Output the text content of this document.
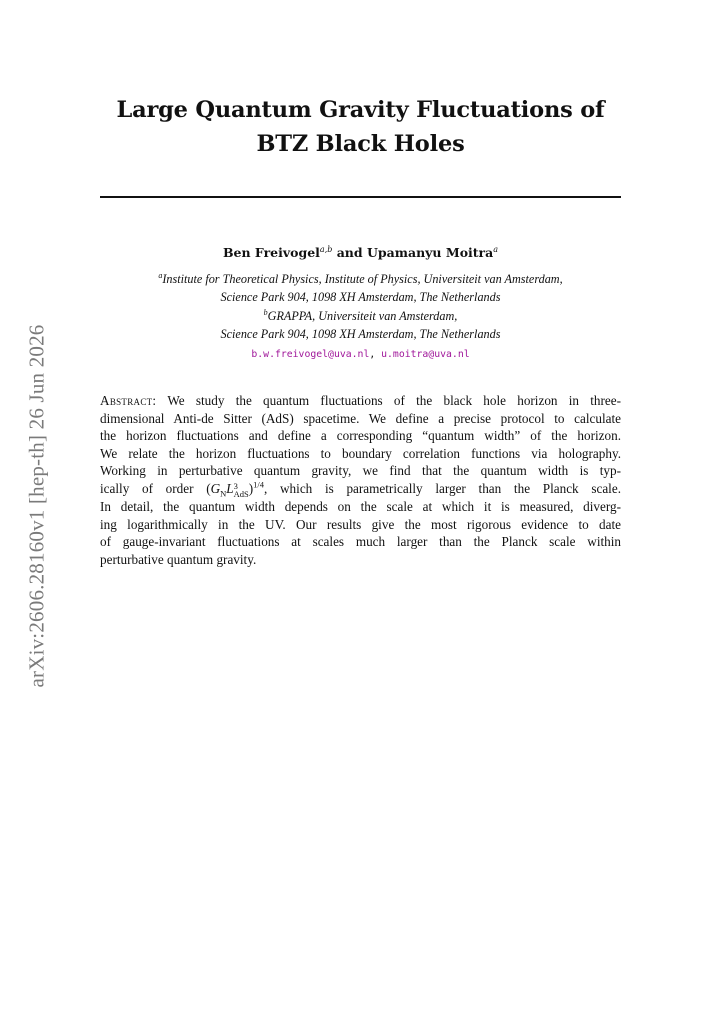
arXiv:2606.28160v1 [hep-th] 26 Jun 2026
Large Quantum Gravity Fluctuations of
BTZ Black Holes
Ben Freivogel$^{a,b}$ and Upamanyu Moitra$^a$
$^a$Institute for Theoretical Physics, Institute of Physics, Universiteit van Amsterdam,
Science Park 904, 1098 XH Amsterdam, The Netherlands
$^b$GRAPPA, Universiteit van Amsterdam,
Science Park 904, 1098 XH Amsterdam, The Netherlands
b.w.freivogel@uva.nl, u.moitra@uva.nl
Abstract: We study the quantum fluctuations of the black hole horizon in three-
dimensional Anti-de Sitter (AdS) spacetime. We define a precise protocol to calculate
the horizon fluctuations and define a corresponding “quantum width” of the horizon.
We relate the horizon fluctuations to boundary correlation functions via holography.
Working in perturbative quantum gravity, we find that the quantum width is typ-
ically of order ($G_NL$ 3
AdS )$^{1/4}$, which is parametrically larger than the Planck scale.
In detail, the quantum width depends on the scale at which it is measured, diverg-
ing logarithmically in the UV. Our results give the most rigorous evidence to date
of gauge-invariant fluctuations at scales much larger than the Planck scale within
perturbative quantum gravity.
